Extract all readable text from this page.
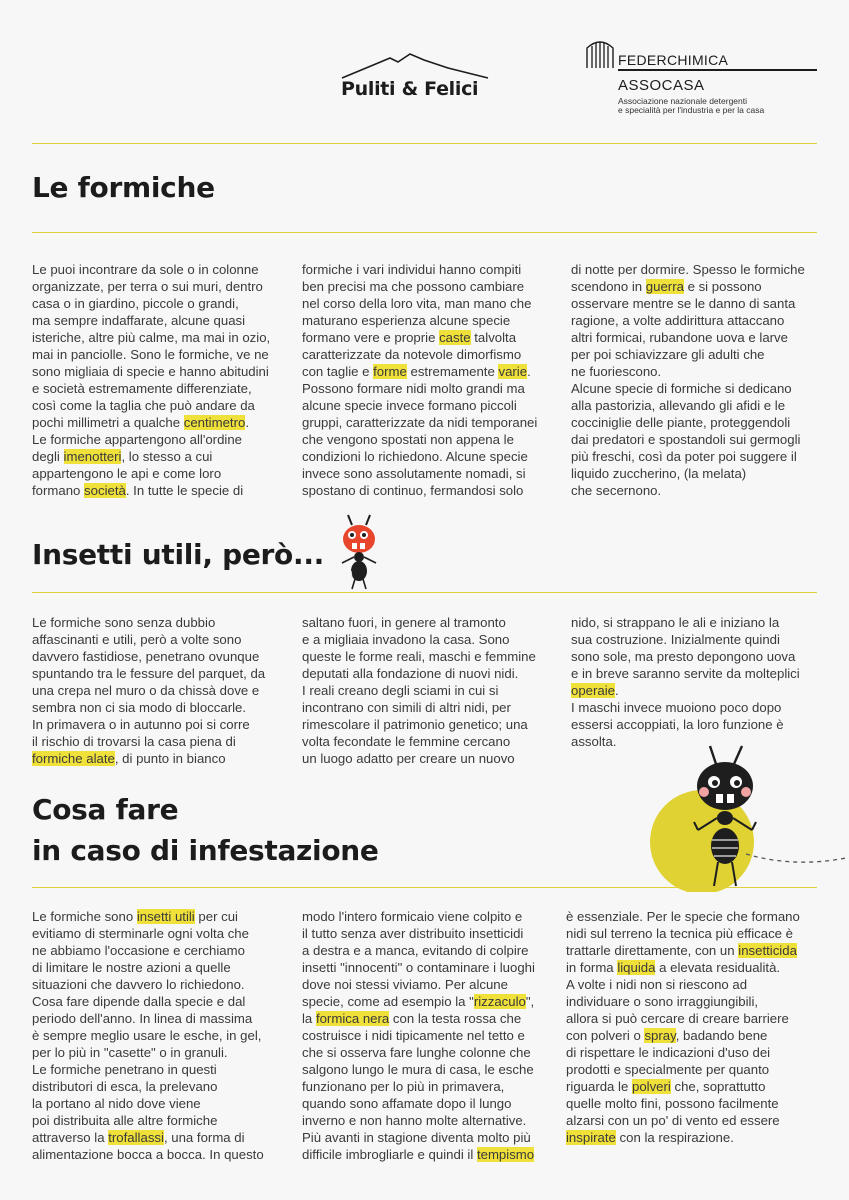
Puliti & Felici
FEDERCHIMICA
ASSOCASA
Associazione nazionale detergenti
e specialità per l'industria e per la casa
Le formiche

Le puoi incontrare da sole o in colonne

organizzate, per terra o sui muri, dentro

casa o in giardino, piccole o grandi,

ma sempre indaffarate, alcune quasi

isteriche, altre più calme, ma mai in ozio,

mai in panciolle. Sono le formiche, ve ne

sono migliaia di specie e hanno abitudini

e società estremamente differenziate,

così come la taglia che può andare da

pochi millimetri a qualche centimetro.

Le formiche appartengono all'ordine

degli imenotteri, lo stesso a cui

appartengono le api e come loro

formano società. In tutte le specie di

formiche i vari individui hanno compiti

ben precisi ma che possono cambiare

nel corso della loro vita, man mano che

maturano esperienza alcune specie

formano vere e proprie caste talvolta

caratterizzate da notevole dimorfismo

con taglie e forme estremamente varie.

Possono formare nidi molto grandi ma

alcune specie invece formano piccoli

gruppi, caratterizzate da nidi temporanei

che vengono spostati non appena le

condizioni lo richiedono. Alcune specie

invece sono assolutamente nomadi, si

spostano di continuo, fermandosi solo

di notte per dormire. Spesso le formiche

scendono in guerra e si possono

osservare mentre se le danno di santa

ragione, a volte addirittura attaccano

altri formicai, rubandone uova e larve

per poi schiavizzare gli adulti che

ne fuoriescono.

Alcune specie di formiche si dedicano

alla pastorizia, allevando gli afidi e le

cocciniglie delle piante, proteggendoli

dai predatori e spostandoli sui germogli

più freschi, così da poter poi suggere il

liquido zuccherino, (la melata)

che secernono.

Insetti utili, però...

Le formiche sono senza dubbio

affascinanti e utili, però a volte sono

davvero fastidiose, penetrano ovunque

spuntando tra le fessure del parquet, da

una crepa nel muro o da chissà dove e

sembra non ci sia modo di bloccarle.

In primavera o in autunno poi si corre

il rischio di trovarsi la casa piena di

formiche alate, di punto in bianco

saltano fuori, in genere al tramonto

e a migliaia invadono la casa. Sono

queste le forme reali, maschi e femmine

deputati alla fondazione di nuovi nidi.

I reali creano degli sciami in cui si

incontrano con simili di altri nidi, per

rimescolare il patrimonio genetico; una

volta fecondate le femmine cercano

un luogo adatto per creare un nuovo

nido, si strappano le ali e iniziano la

sua costruzione. Inizialmente quindi

sono sole, ma presto depongono uova

e in breve saranno servite da molteplici

operaie.

I maschi invece muoiono poco dopo

essersi accoppiati, la loro funzione è

assolta.

Cosa fare
in caso di infestazione

Le formiche sono insetti utili per cui

evitiamo di sterminarle ogni volta che

ne abbiamo l'occasione e cerchiamo

di limitare le nostre azioni a quelle

situazioni che davvero lo richiedono.

Cosa fare dipende dalla specie e dal

periodo dell'anno. In linea di massima

è sempre meglio usare le esche, in gel,

per lo più in "casette" o in granuli.

Le formiche penetrano in questi

distributori di esca, la prelevano

la portano al nido dove viene

poi distribuita alle altre formiche

attraverso la trofallassi, una forma di

alimentazione bocca a bocca. In questo

modo l'intero formicaio viene colpito e

il tutto senza aver distribuito insetticidi

a destra e a manca, evitando di colpire

insetti "innocenti" o contaminare i luoghi

dove noi stessi viviamo. Per alcune

specie, come ad esempio la "rizzaculo",

la formica nera con la testa rossa che

costruisce i nidi tipicamente nel tetto e

che si osserva fare lunghe colonne che

salgono lungo le mura di casa, le esche

funzionano per lo più in primavera,

quando sono affamate dopo il lungo

inverno e non hanno molte alternative.

Più avanti in stagione diventa molto più

difficile imbrogliarle e quindi il tempismo

è essenziale. Per le specie che formano

nidi sul terreno la tecnica più efficace è

trattarle direttamente, con un insetticida

in forma liquida a elevata residualità.

A volte i nidi non si riescono ad

individuare o sono irraggiungibili,

allora si può cercare di creare barriere

con polveri o spray, badando bene

di rispettare le indicazioni d'uso dei

prodotti e specialmente per quanto

riguarda le polveri che, soprattutto

quelle molto fini, possono facilmente

alzarsi con un po' di vento ed essere

inspirate con la respirazione.
